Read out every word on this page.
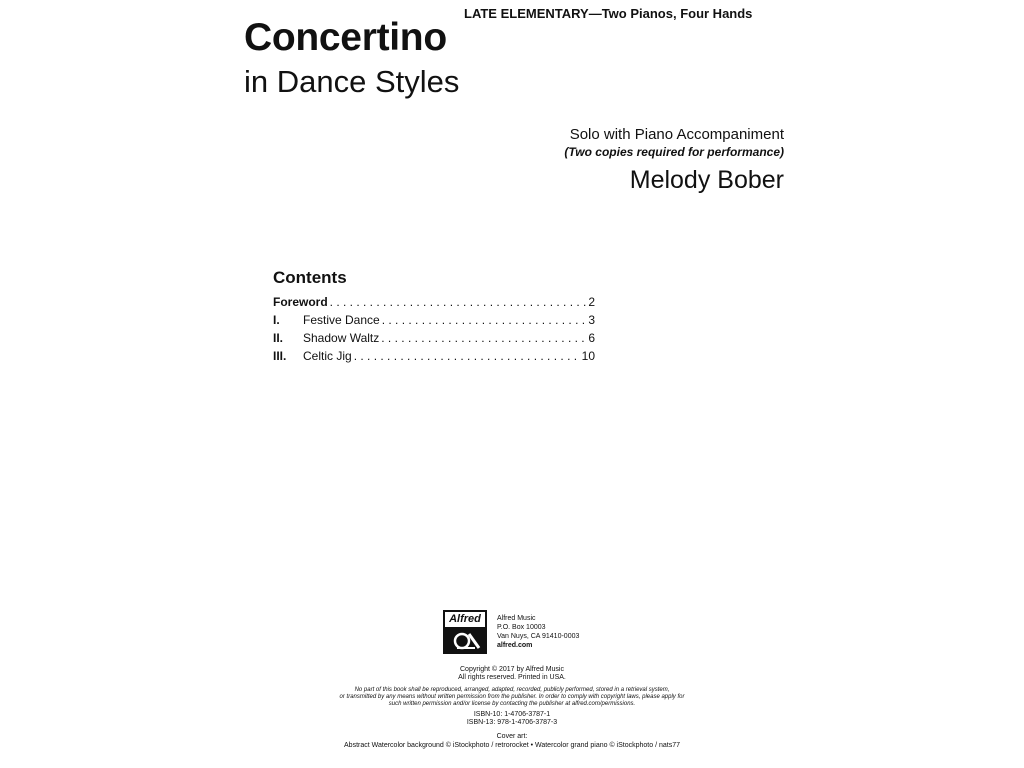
LATE ELEMENTARY—Two Pianos, Four Hands
Concertino
in Dance Styles
Solo with Piano Accompaniment
(Two copies required for performance)
Melody Bober
Contents
Foreword . . .	2
I.	Festive Dance . . .	3
II.	Shadow Waltz . . .	6
III.	Celtic Jig . . .	10
Alfred	Alfred Music
P.O. Box 10003
Van Nuys, CA 91410-0003
alfred.com
Copyright © 2017 by Alfred Music
All rights reserved. Printed in USA.
No part of this book shall be reproduced, arranged, adapted, recorded, publicly performed, stored in a retrieval system,
or transmitted by any means without written permission from the publisher. In order to comply with copyright laws, please apply for
such written permission and/or license by contacting the publisher at alfred.com/permissions.
ISBN-10: 1-4706-3787-1
ISBN-13: 978-1-4706-3787-3
Cover art:
Abstract Watercolor background © iStockphoto / retrorocket • Watercolor grand piano © iStockphoto / nats77
